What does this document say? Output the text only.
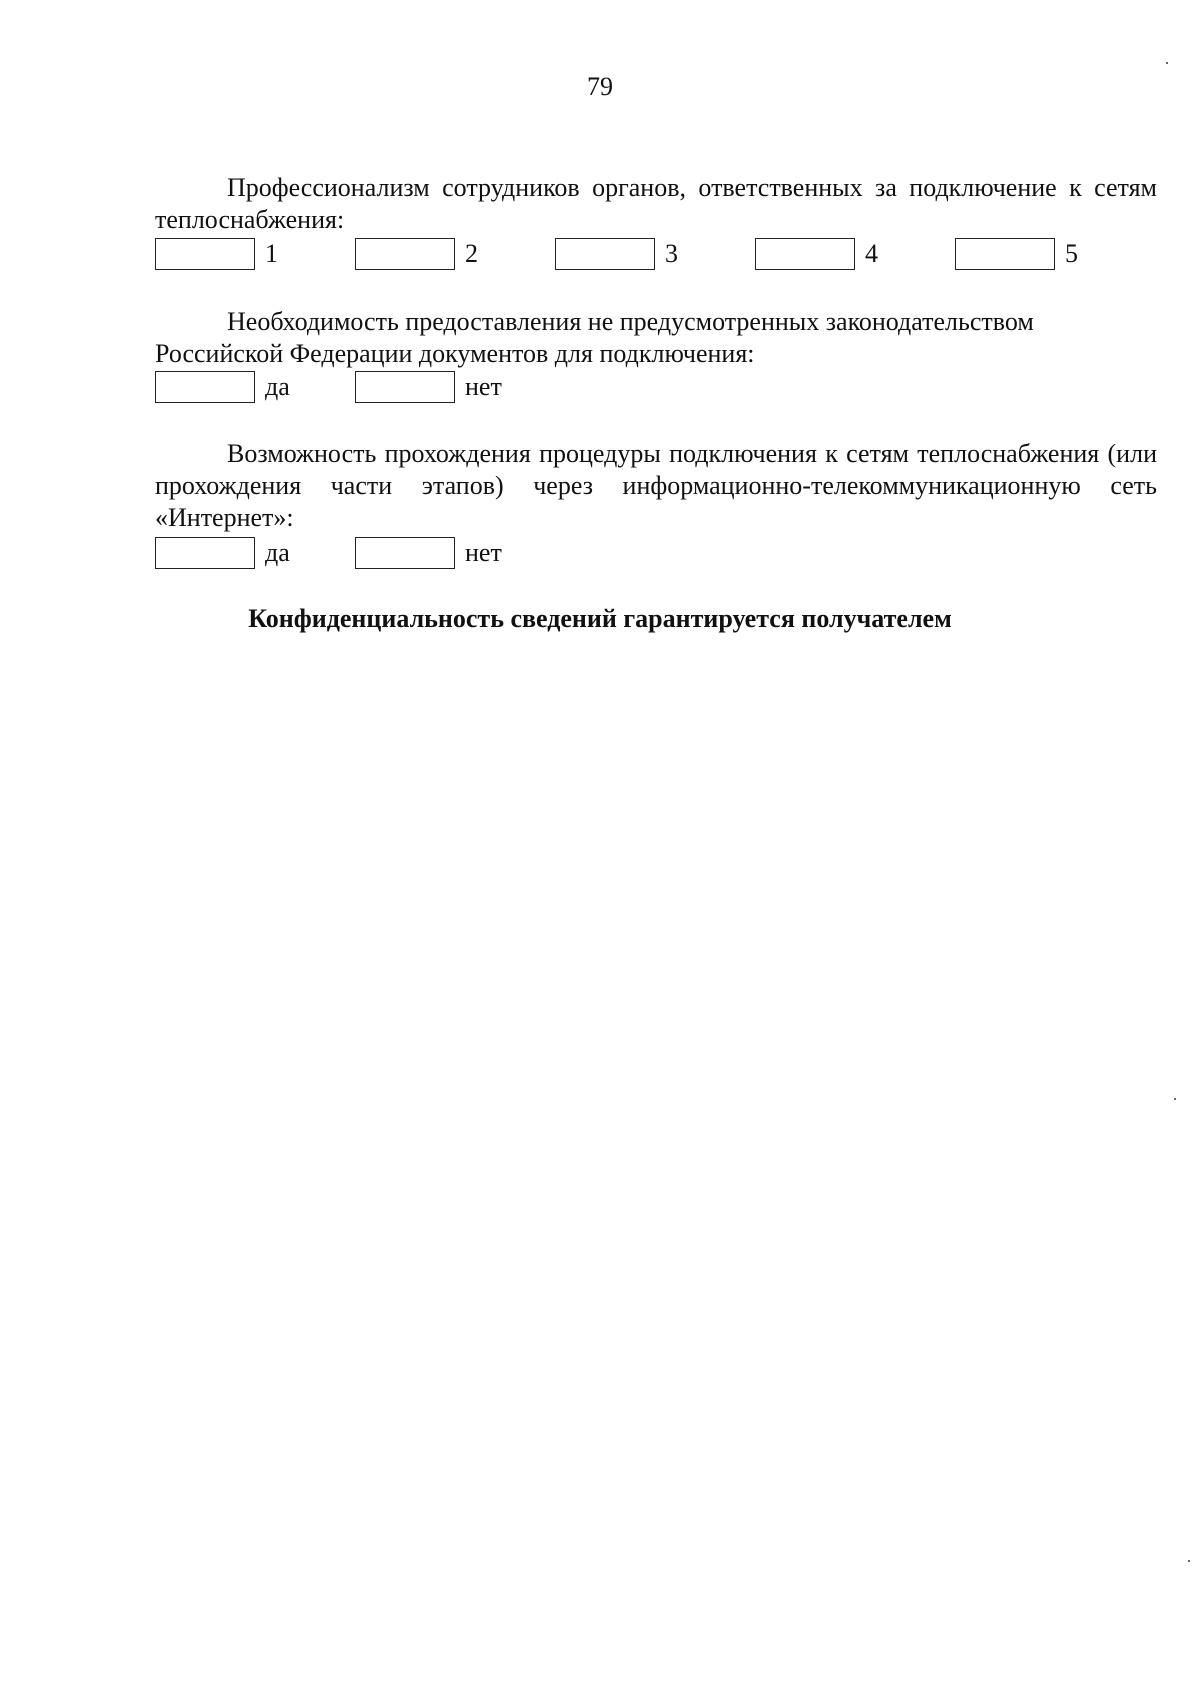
79

Профессионализм сотрудников органов, ответственных за подключение к сетям теплоснабжения:

1	2	3	4	5

Необходимость предоставления не предусмотренных законодательством Российской Федерации документов для подключения:

да	нет

Возможность прохождения процедуры подключения к сетям теплоснабжения (или прохождения части этапов) через информационно-телекоммуникационную сеть «Интернет»:

да	нет
Конфиденциальность сведений гарантируется получателем
